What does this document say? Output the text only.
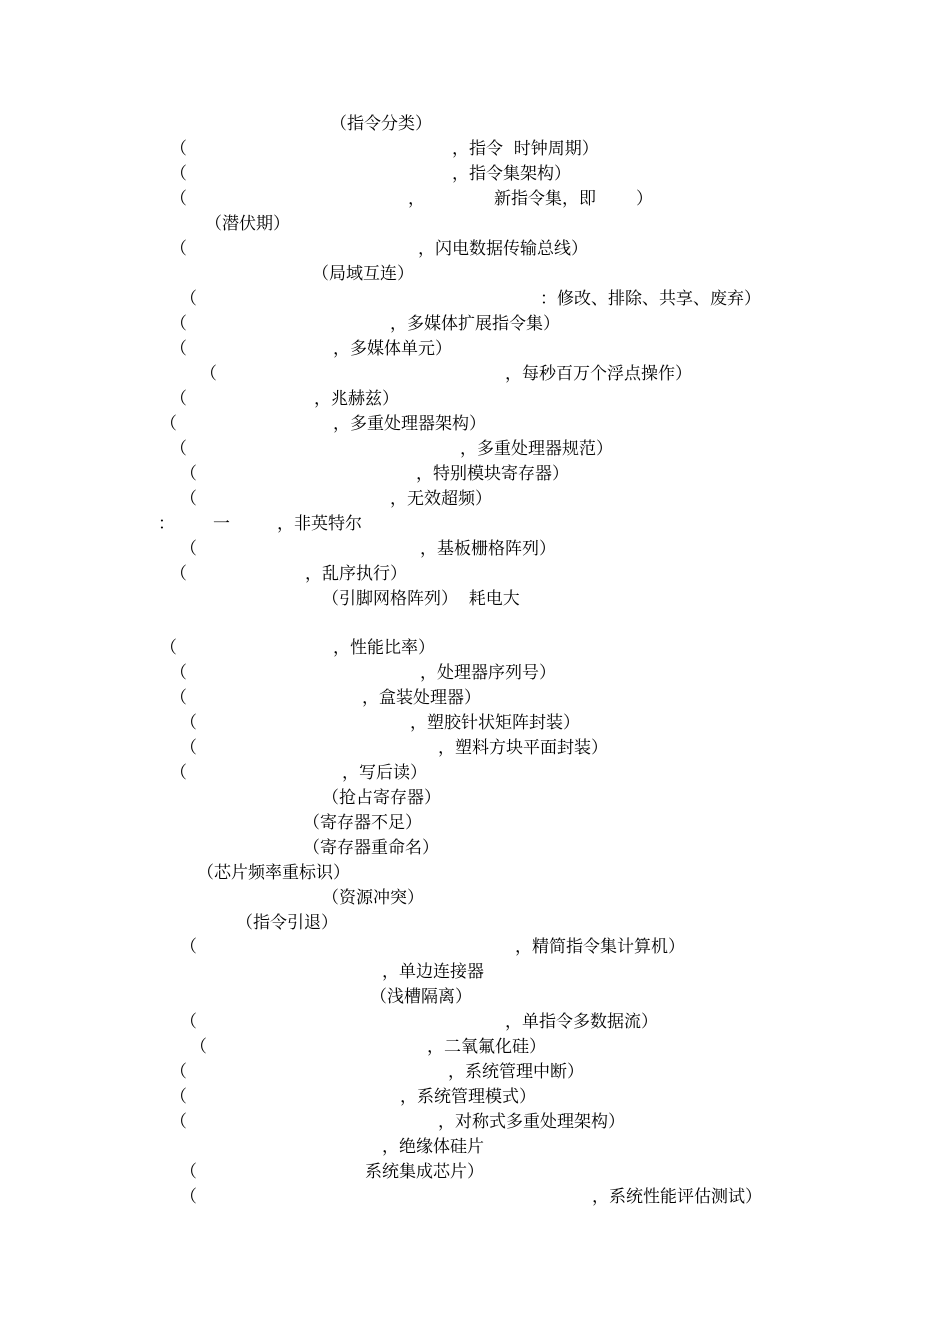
（指令分类）

（

	，指令  时钟周期）

（

	，指令集架构）

（

	，

	新指令集，即

）

（潜伏期）

（

	，闪电数据传输总线）

（局域互连）

（

	：修改、排除、共享、废弃）

（

	，多媒体扩展指令集）

（

	，多媒体单元）

（

	，每秒百万个浮点操作）

（

	，兆赫兹）

（

	，多重处理器架构）

（

	，多重处理器规范）

（

	，特别模块寄存器）

（

	，无效超频）

：

一

	，非英特尔

（

	，基板栅格阵列）

（

	，乱序执行）

（引脚网格阵列）  耗电大

（

	，性能比率）

（

	，处理器序列号）

（

	，盒装处理器）

（

	，塑胶针状矩阵封装）

（

	，塑料方块平面封装）

（

	，写后读）

（抢占寄存器）

（寄存器不足）

（寄存器重命名）

（芯片频率重标识）

（资源冲突）

（指令引退）

（

	，精简指令集计算机）

，单边连接器

（浅槽隔离）

（

	，单指令多数据流）

（

	，二氧氟化硅）

（

	，系统管理中断）

（

	，系统管理模式）

（

	，对称式多重处理架构）

，绝缘体硅片

（

	系统集成芯片）

（

	，系统性能评估测试）
